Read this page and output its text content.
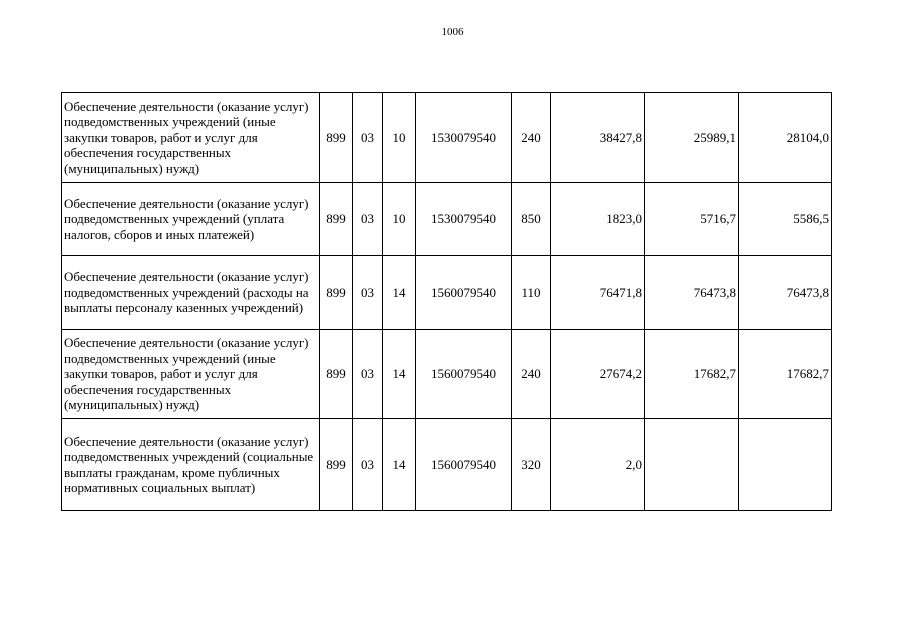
1006
Обеспечение деятельности (оказание услуг) подведомственных учреждений (иные закупки товаров, работ и услуг для обеспечения государственных (муниципальных) нужд)	899	03	10	1530079540	240	38427,8	25989,1	28104,0
Обеспечение деятельности (оказание услуг) подведомственных учреждений (уплата налогов, сборов и иных платежей)	899	03	10	1530079540	850	1823,0	5716,7	5586,5
Обеспечение деятельности (оказание услуг) подведомственных учреждений (расходы на выплаты персоналу казенных учреждений)	899	03	14	1560079540	110	76471,8	76473,8	76473,8
Обеспечение деятельности (оказание услуг) подведомственных учреждений (иные закупки товаров, работ и услуг для обеспечения государственных (муниципальных) нужд)	899	03	14	1560079540	240	27674,2	17682,7	17682,7
Обеспечение деятельности (оказание услуг) подведомственных учреждений (социальные выплаты гражданам, кроме публичных нормативных социальных выплат)	899	03	14	1560079540	320	2,0		
